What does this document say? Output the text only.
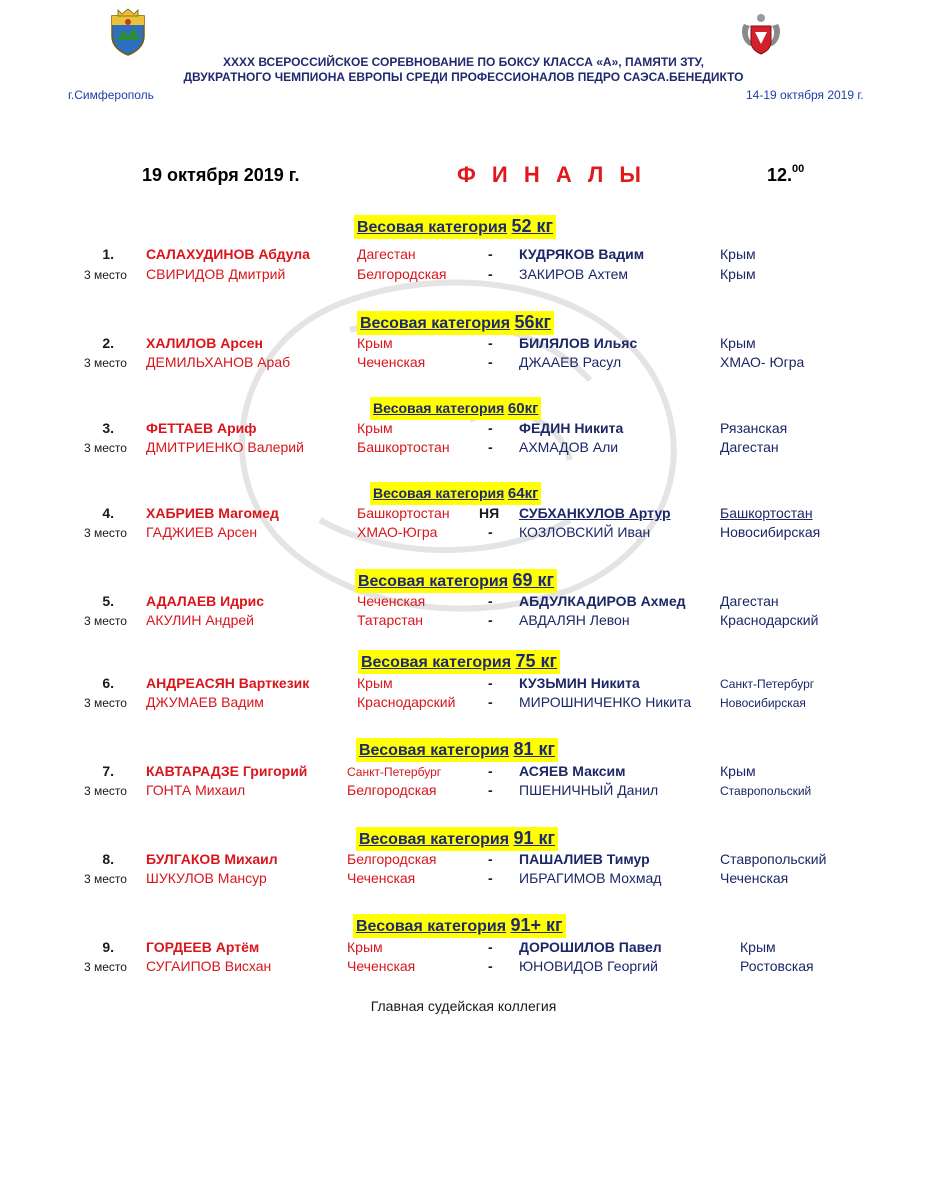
ХХХХ ВСЕРОССИЙСКОЕ СОРЕВНОВАНИЕ ПО БОКСУ КЛАССА «А», ПАМЯТИ ЗТУ,
ДВУКРАТНОГО ЧЕМПИОНА ЕВРОПЫ СРЕДИ ПРОФЕССИОНАЛОВ ПЕДРО САЭСА.БЕНЕДИКТО
г.Симферополь	14-19 октября 2019 г.
19 октября 2019 г.	Ф И Н А Л Ы	12.00
Весовая категория 52 кг
1.
3 место
САЛАХУДИНОВ Абдула	Дагестан	- КУДРЯКОВ Вадим	Крым
СВИРИДОВ Дмитрий	Белгородская	- ЗАКИРОВ Ахтем	Крым
Весовая категория 56кг
2.
3 место
ХАЛИЛОВ Арсен	Крым	- БИЛЯЛОВ Ильяс	Крым
ДЕМИЛЬХАНОВ Араб	Чеченская	- ДЖААЕВ Расул	ХМАО- Югра
Весовая категория 60кг
3.
3 место
ФЕТТАЕВ Ариф	Крым	- ФЕДИН Никита	Рязанская
ДМИТРИЕНКО Валерий	Башкортостан	- АХМАДОВ Али	Дагестан
Весовая категория 64кг
4.
3 место
ХАБРИЕВ Магомед	Башкортостан НЯ СУБХАНКУЛОВ Артур	Башкортостан
ГАДЖИЕВ Арсен	ХМАО-Югра	- КОЗЛОВСКИЙ Иван	Новосибирская
Весовая категория 69 кг
5.
3 место
АДАЛАЕВ Идрис	Чеченская	- АБДУЛКАДИРОВ Ахмед Дагестан
АКУЛИН Андрей	Татарстан	- АВДАЛЯН Левон	Краснодарский
Весовая категория 75 кг
6.
3 место
АНДРЕАСЯН Варткезик	Крым	- КУЗЬМИН Никита	Санкт-Петербург
ДЖУМАЕВ Вадим	Краснодарский - МИРОШНИЧЕНКО Никита Новосибирская
Весовая категория 81 кг
7.
3 место
КАВТАРАДЗЕ Григорий	Санкт-Петербург	- АСЯЕВ Максим	Крым
ГОНТА Михаил	Белгородская	- ПШЕНИЧНЫЙ Данил	Ставропольский
Весовая категория 91 кг
8.
3 место
БУЛГАКОВ Михаил	Белгородская	- ПАШАЛИЕВ Тимур	Ставропольский
ШУКУЛОВ Мансур	Чеченская	- ИБРАГИМОВ Мохмад	Чеченская
Весовая категория 91+ кг
9.
3 место
ГОРДЕЕВ Артём	Крым	- ДОРОШИЛОВ Павел	Крым
СУГАИПОВ Висхан	Чеченская	- ЮНОВИДОВ Георгий	Ростовская
Главная судейская коллегия
